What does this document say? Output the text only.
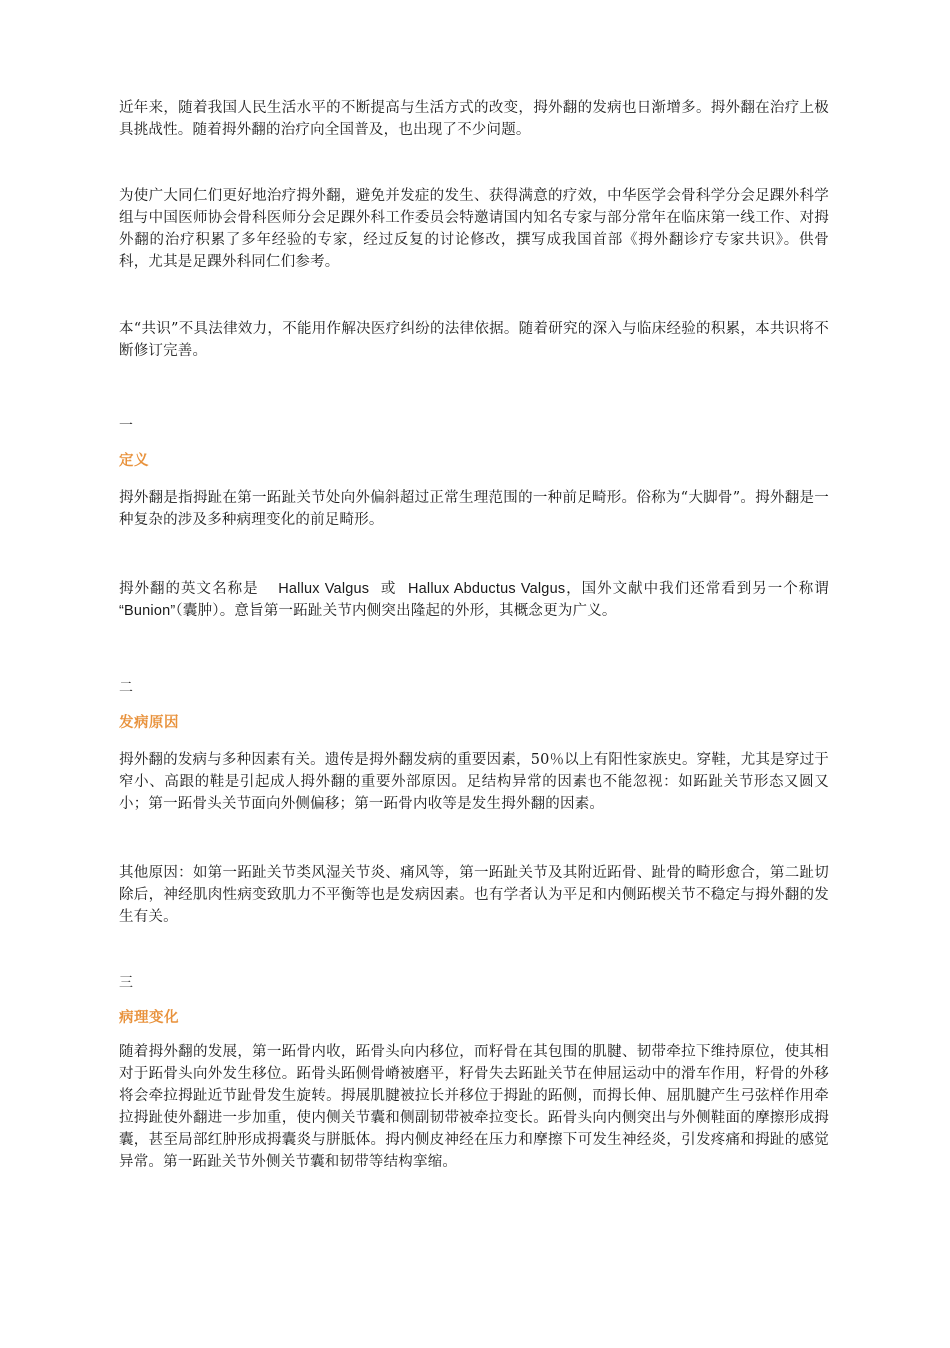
近年来，随着我国人民生活水平的不断提高与生活方式的改变，拇外翻的发病也日渐增多。拇外翻在治疗上极具挑战性。随着拇外翻的治疗向全国普及，也出现了不少问题。

为使广大同仁们更好地治疗拇外翻，避免并发症的发生、获得满意的疗效，中华医学会骨科学分会足踝外科学组与中国医师协会骨科医师分会足踝外科工作委员会特邀请国内知名专家与部分常年在临床第一线工作、对拇外翻的治疗积累了多年经验的专家，经过反复的讨论修改，撰写成我国首部《拇外翻诊疗专家共识》。供骨科，尤其是足踝外科同仁们参考。

本“共识”不具法律效力，不能用作解决医疗纠纷的法律依据。随着研究的深入与临床经验的积累，本共识将不断修订完善。

一

定义

拇外翻是指拇趾在第一跖趾关节处向外偏斜超过正常生理范围的一种前足畸形。俗称为“大脚骨”。拇外翻是一种复杂的涉及多种病理变化的前足畸形。

拇外翻的英文名称是 Hallux Valgus 或 Hallux Abductus Valgus，国外文献中我们还常看到另一个称谓 “Bunion”（囊肿）。意旨第一跖趾关节内侧突出隆起的外形，其概念更为广义。

二

发病原因

拇外翻的发病与多种因素有关。遗传是拇外翻发病的重要因素，50％以上有阳性家族史。穿鞋，尤其是穿过于窄小、高跟的鞋是引起成人拇外翻的重要外部原因。足结构异常的因素也不能忽视：如跖趾关节形态又圆又小；第一跖骨头关节面向外侧偏移；第一跖骨内收等是发生拇外翻的因素。

其他原因：如第一跖趾关节类风湿关节炎、痛风等，第一跖趾关节及其附近跖骨、趾骨的畸形愈合，第二趾切除后，神经肌肉性病变致肌力不平衡等也是发病因素。也有学者认为平足和内侧跖楔关节不稳定与拇外翻的发生有关。

三

病理变化

随着拇外翻的发展，第一跖骨内收，跖骨头向内移位，而籽骨在其包围的肌腱、韧带牵拉下维持原位，使其相对于跖骨头向外发生移位。跖骨头跖侧骨嵴被磨平，籽骨失去跖趾关节在伸屈运动中的滑车作用，籽骨的外移将会牵拉拇趾近节趾骨发生旋转。拇展肌腱被拉长并移位于拇趾的跖侧，而拇长伸、屈肌腱产生弓弦样作用牵拉拇趾使外翻进一步加重，使内侧关节囊和侧副韧带被牵拉变长。跖骨头向内侧突出与外侧鞋面的摩擦形成拇囊，甚至局部红肿形成拇囊炎与胼胝体。拇内侧皮神经在压力和摩擦下可发生神经炎，引发疼痛和拇趾的感觉异常。第一跖趾关节外侧关节囊和韧带等结构挛缩。
